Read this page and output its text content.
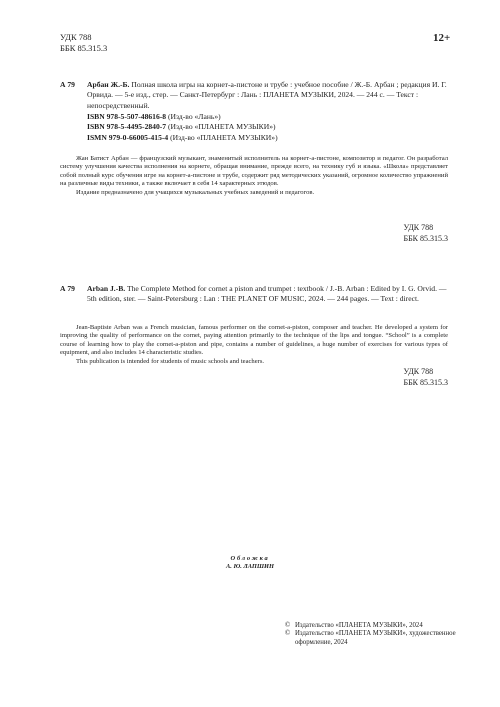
УДК 788
ББК 85.315.3
12+
А 79 Арбан Ж.-Б. Полная школа игры на корнет-а-пистоне и трубе : учебное пособие / Ж.-Б. Арбан ; редакция И. Г. Орвида. — 5-е изд., стер. — Санкт-Петербург : Лань : ПЛАНЕТА МУЗЫКИ, 2024. — 244 с. — Текст : непосредственный.
ISBN 978-5-507-48616-8 (Изд-во «Лань»)
ISBN 978-5-4495-2840-7 (Изд-во «ПЛАНЕТА МУЗЫКИ»)
ISMN 979-0-66005-415-4 (Изд-во «ПЛАНЕТА МУЗЫКИ»)

Жан Батист Арбан — французский музыкант, знаменитый исполнитель на корнет-а-пистоне, композитор и педагог. Он разработал систему улучшения качества исполнения на корнете, обращая внимание, прежде всего, на технику губ и языка. «Школа» представляет собой полный курс обучения игре на корнет-а-пистоне и трубе, содержит ряд методических указаний, огромное количество упражнений на различные виды техники, а также включает в себя 14 характерных этюдов.

Издание предназначено для учащихся музыкальных учебных заведений и педагогов.

УДК 788
ББК 85.315.3
А 79 Arban J.-B. The Complete Method for cornet a piston and trumpet : textbook / J.-B. Arban : Edited by I. G. Orvid. — 5th edition, ster. — Saint-Petersburg : Lan : THE PLANET OF MUSIC, 2024. — 244 pages. — Text : direct.

Jean-Baptiste Arban was a French musician, famous performer on the cornet-a-piston, composer and teacher. He developed a system for improving the quality of performance on the cornet, paying attention primarily to the technique of the lips and tongue. “School” is a complete course of learning how to play the cornet-a-piston and pipe, contains a number of guidelines, a huge number of exercises for various types of equipment, and also includes 14 characteristic studies.

This publication is intended for students of music schools and teachers.

УДК 788
ББК 85.315.3
Обложка
А. Ю. ЛАПШИН
© Издательство «ПЛАНЕТА МУЗЫКИ», 2024
© Издательство «ПЛАНЕТА МУЗЫКИ», художественное оформление, 2024
